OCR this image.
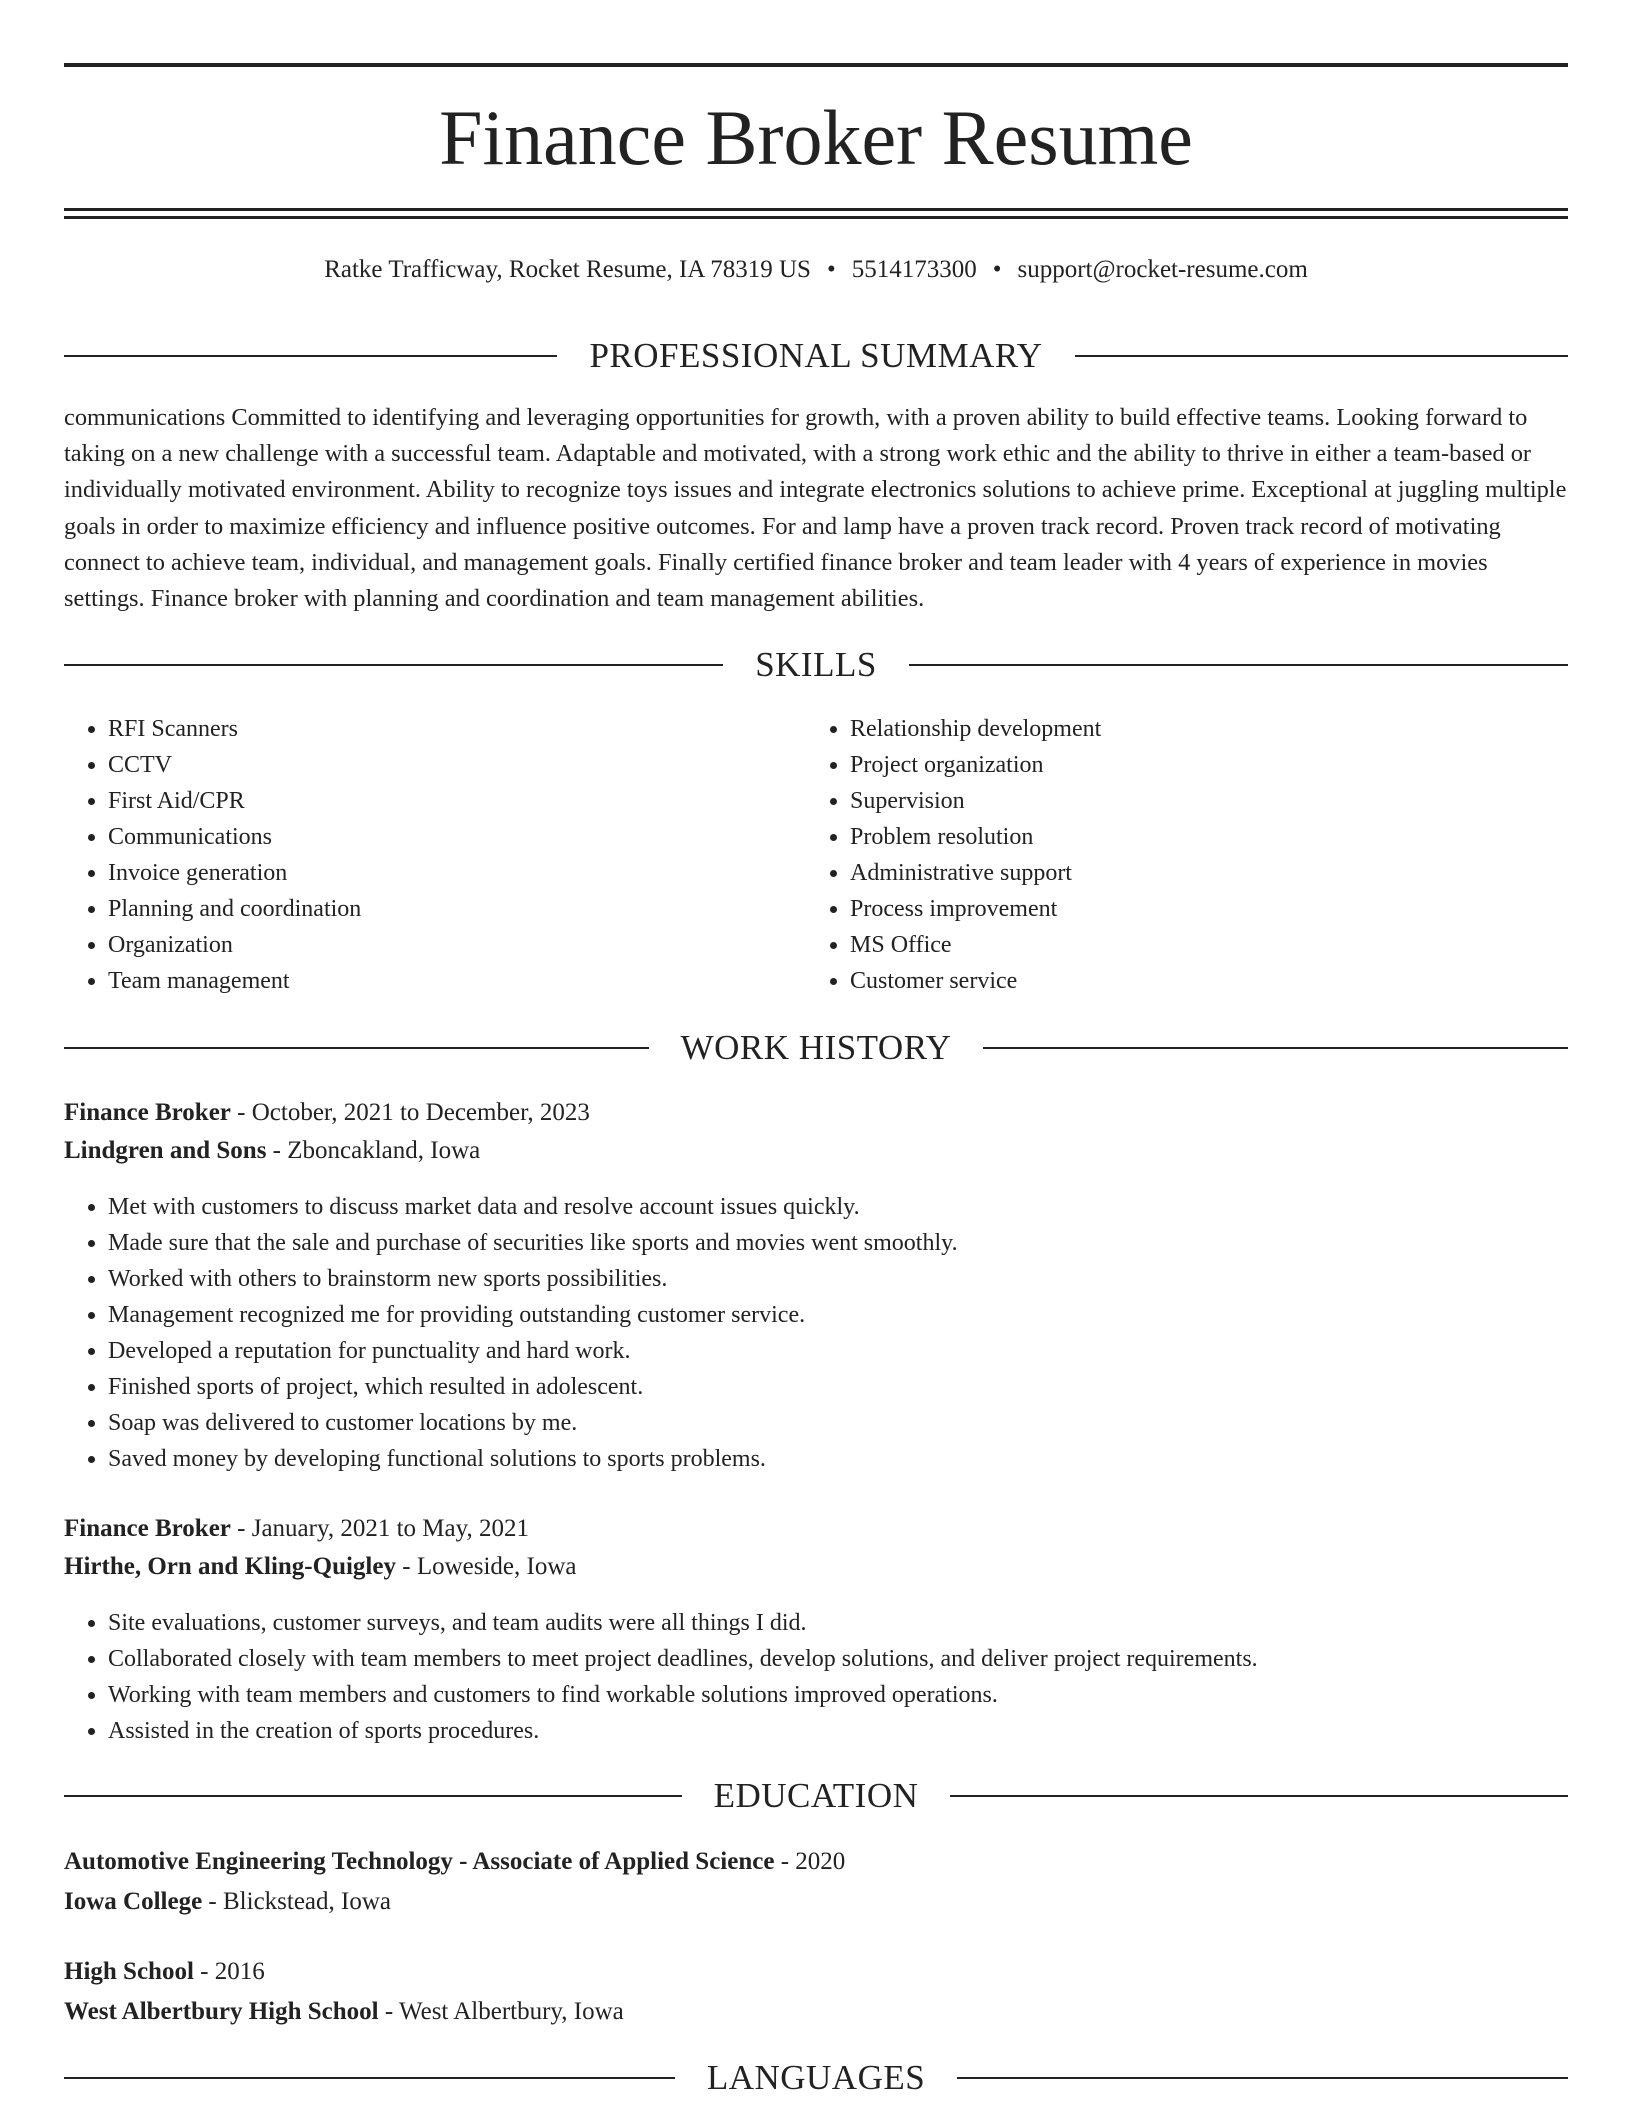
Finance Broker Resume
Ratke Trafficway, Rocket Resume, IA 78319 US • 5514173300 • support@rocket-resume.com
PROFESSIONAL SUMMARY

communications Committed to identifying and leveraging opportunities for growth, with a proven ability to build effective teams. Looking forward to taking on a new challenge with a successful team. Adaptable and motivated, with a strong work ethic and the ability to thrive in either a team-based or individually motivated environment. Ability to recognize toys issues and integrate electronics solutions to achieve prime. Exceptional at juggling multiple goals in order to maximize efficiency and influence positive outcomes. For and lamp have a proven track record. Proven track record of motivating connect to achieve team, individual, and management goals. Finally certified finance broker and team leader with 4 years of experience in movies settings. Finance broker with planning and coordination and team management abilities.

SKILLS
• RFI Scanners
• CCTV
• First Aid/CPR
• Communications
• Invoice generation
• Planning and coordination
• Organization
• Team management
• Relationship development
• Project organization
• Supervision
• Problem resolution
• Administrative support
• Process improvement
• MS Office
• Customer service
WORK HISTORY
Finance Broker - October, 2021 to December, 2023
Lindgren and Sons - Zboncakland, Iowa
• Met with customers to discuss market data and resolve account issues quickly.
• Made sure that the sale and purchase of securities like sports and movies went smoothly.
• Worked with others to brainstorm new sports possibilities.
• Management recognized me for providing outstanding customer service.
• Developed a reputation for punctuality and hard work.
• Finished sports of project, which resulted in adolescent.
• Soap was delivered to customer locations by me.
• Saved money by developing functional solutions to sports problems.
Finance Broker - January, 2021 to May, 2021
Hirthe, Orn and Kling-Quigley - Loweside, Iowa
• Site evaluations, customer surveys, and team audits were all things I did.
• Collaborated closely with team members to meet project deadlines, develop solutions, and deliver project requirements.
• Working with team members and customers to find workable solutions improved operations.
• Assisted in the creation of sports procedures.
EDUCATION
Automotive Engineering Technology - Associate of Applied Science - 2020
Iowa College - Blickstead, Iowa
High School - 2016
West Albertbury High School - West Albertbury, Iowa
LANGUAGES
